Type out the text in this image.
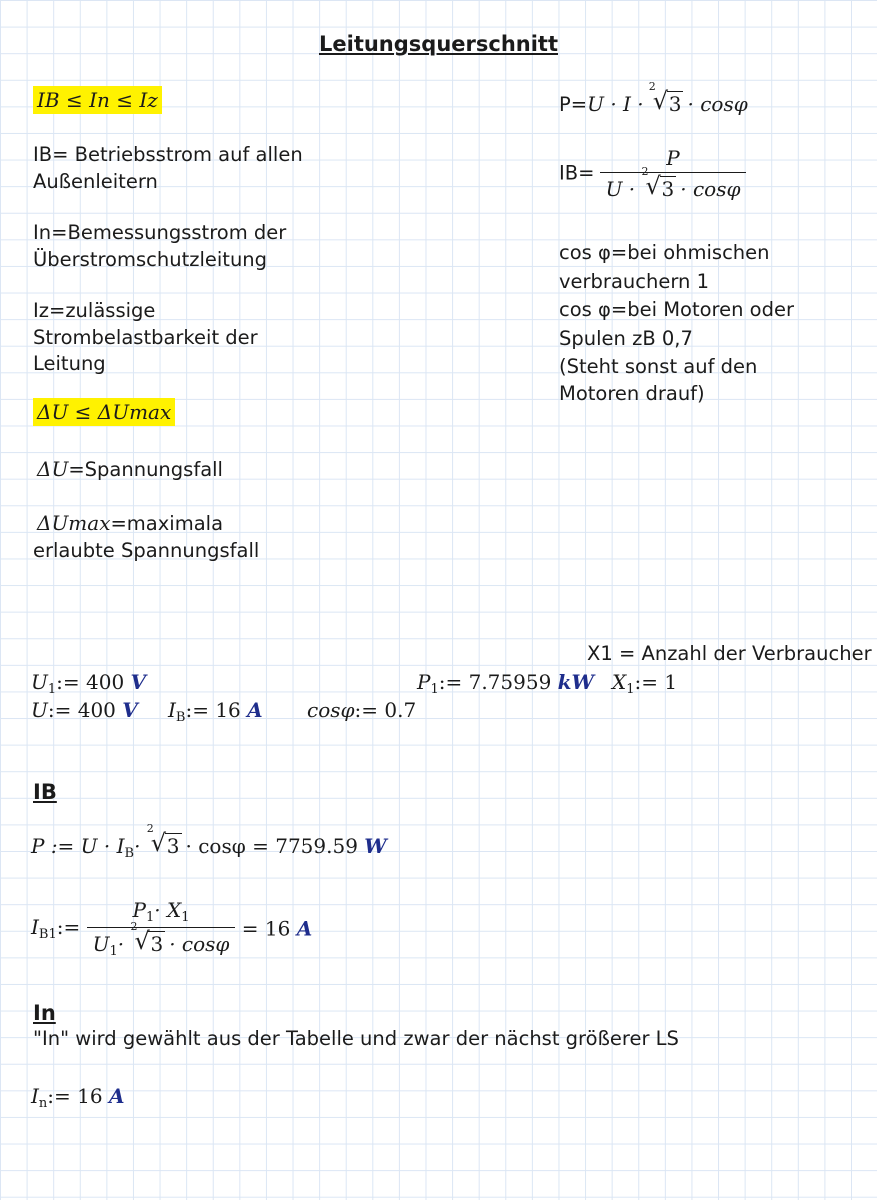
Leitungsquerschnitt
IB ≤ In ≤ Iz
IB= Betriebsstrom auf allen
Außenleitern
In=Bemessungsstrom der
Überstromschutzleitung
Iz=zulässige
Strombelastbarkeit der
Leitung
ΔU ≤ ΔUmax
ΔU=Spannungsfall
ΔUmax=maximala
erlaubte Spannungsfall
P=U · I ·
2
√ 3 · cosφ
IB= P
U ·
2
√ 3 · cosφ
cos φ=bei ohmischen
verbrauchern 1
cos φ=bei Motoren oder
Spulen zB 0,7
(Steht sonst auf den
Motoren drauf)
X1 = Anzahl der Verbraucher
$U_1:= 400$ V	$P_1:= 7.75959$ kW $X_1:= 1$
U:= 400 V $I_B:= 16$ A cosφ:= 0.7
IB
P := $U \cdot I_B\cdot$
2
√ 3 · cosφ = 7759.59 W
$I_{B1}:= P_1\cdot X_1$
$U_1\cdot$
2
√ 3 · cosφ = 16 A
In
"In" wird gewählt aus der Tabelle und zwar der nächst größerer LS
$I_n:= 16$ A
